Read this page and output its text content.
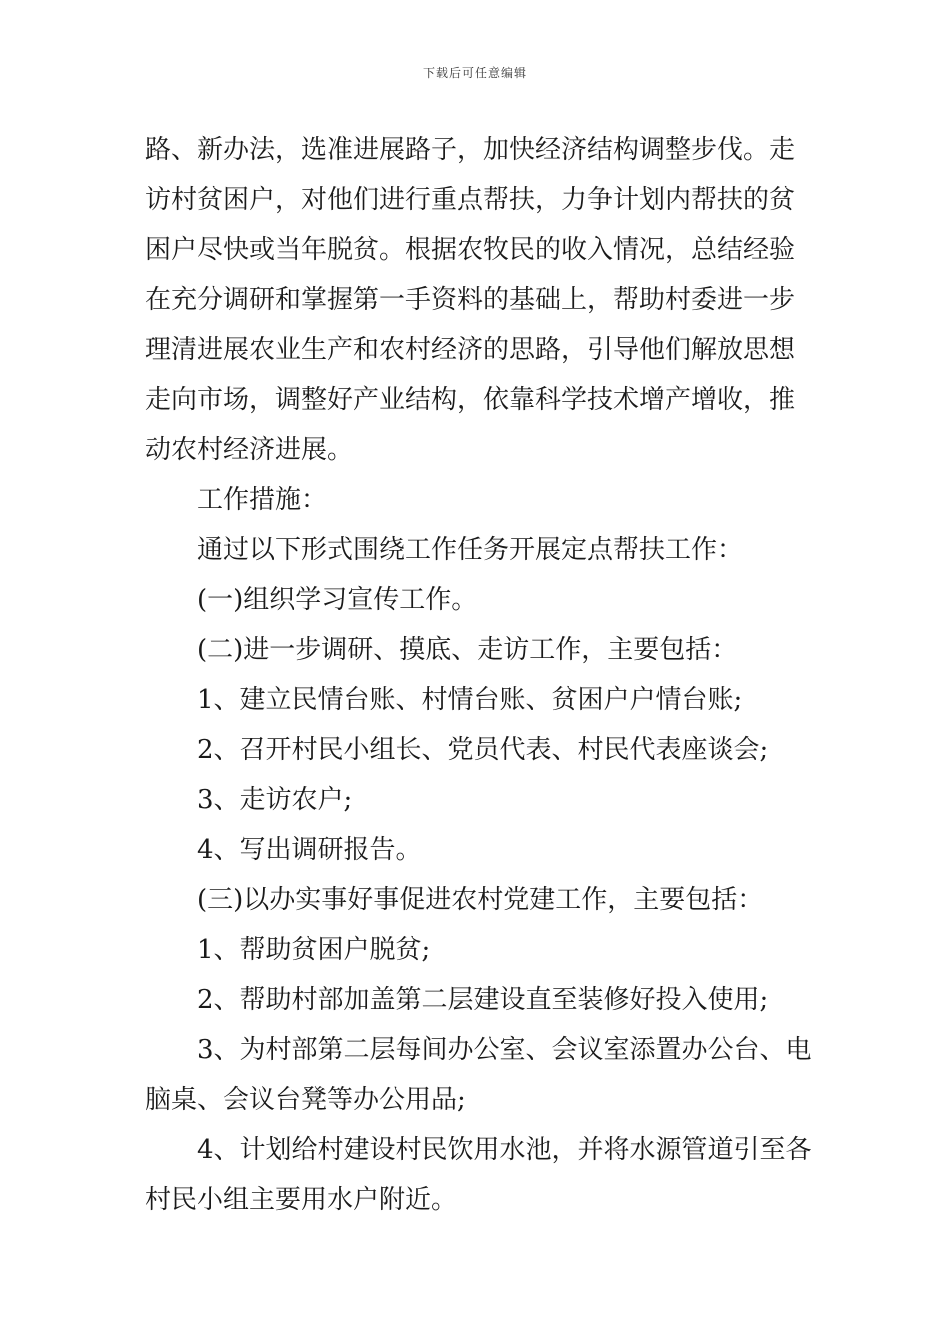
下载后可任意编辑
路、新办法，选准进展路子，加快经济结构调整步伐。走
访村贫困户，对他们进行重点帮扶，力争计划内帮扶的贫
困户尽快或当年脱贫。根据农牧民的收入情况，总结经验
在充分调研和掌握第一手资料的基础上，帮助村委进一步
理清进展农业生产和农村经济的思路，引导他们解放思想
走向市场，调整好产业结构，依靠科学技术增产增收，推
动农村经济进展。
工作措施：
通过以下形式围绕工作任务开展定点帮扶工作：
(一)组织学习宣传工作。
(二)进一步调研、摸底、走访工作，主要包括：
1、建立民情台账、村情台账、贫困户户情台账;
2、召开村民小组长、党员代表、村民代表座谈会;
3、走访农户;
4、写出调研报告。
(三)以办实事好事促进农村党建工作，主要包括：
1、帮助贫困户脱贫;
2、帮助村部加盖第二层建设直至装修好投入使用;
3、为村部第二层每间办公室、会议室添置办公台、电
脑桌、会议台凳等办公用品;
4、计划给村建设村民饮用水池，并将水源管道引至各
村民小组主要用水户附近。
